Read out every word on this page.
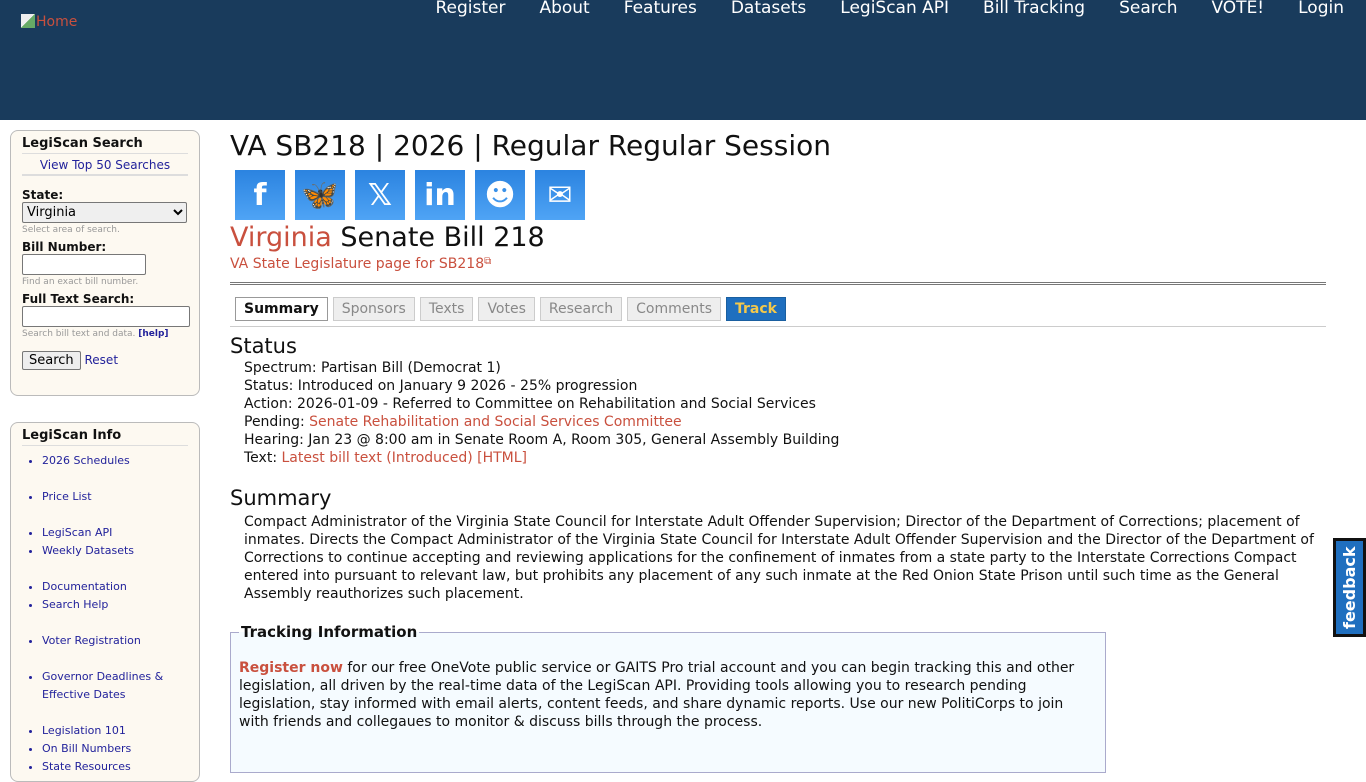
Home
Register	About	Features	Datasets	LegiScan API	Bill Tracking	Search	VOTE!	Login
LegiScan Search
View Top 50 Searches
State:
Virginia
Select area of search.
Bill Number:
Find an exact bill number.
Full Text Search:
Search bill text and data. [help]
Search Reset
LegiScan Info
• 2026 Schedules
• Price List
• LegiScan API
• Weekly Datasets
• Documentation
• Search Help
• Voter Registration
• Governor Deadlines & Effective Dates
• Legislation 101
• On Bill Numbers
• State Resources
VA SB218 | 2026 | Regular Regular Session
f	🦋 𝕏	in ☻	✉
Virginia Senate Bill 218
VA State Legislature page for SB218⧉
Summary	Sponsors	Texts	Votes	Research	Comments	Track
Status
Spectrum: Partisan Bill (Democrat 1)
Status: Introduced on January 9 2026 - 25% progression
Action: 2026-01-09 - Referred to Committee on Rehabilitation and Social Services
Pending: Senate Rehabilitation and Social Services Committee
Hearing: Jan 23 @ 8:00 am in Senate Room A, Room 305, General Assembly Building
Text: Latest bill text (Introduced) [HTML]
Summary
Compact Administrator of the Virginia State Council for Interstate Adult Offender Supervision; Director of the Department of Corrections; placement of inmates. Directs the Compact Administrator of the Virginia State Council for Interstate Adult Offender Supervision and the Director of the Department of Corrections to continue accepting and reviewing applications for the confinement of inmates from a state party to the Interstate Corrections Compact entered into pursuant to relevant law, but prohibits any placement of any such inmate at the Red Onion State Prison until such time as the General Assembly reauthorizes such placement.
Tracking Information

Register now for our free OneVote public service or GAITS Pro trial account and you can begin tracking this and other legislation, all driven by the real-time data of the LegiScan API. Providing tools allowing you to research pending legislation, stay informed with email alerts, content feeds, and share dynamic reports. Use our new PolitiCorps to join with friends and collegaues to monitor & discuss bills through the process.

feedback
